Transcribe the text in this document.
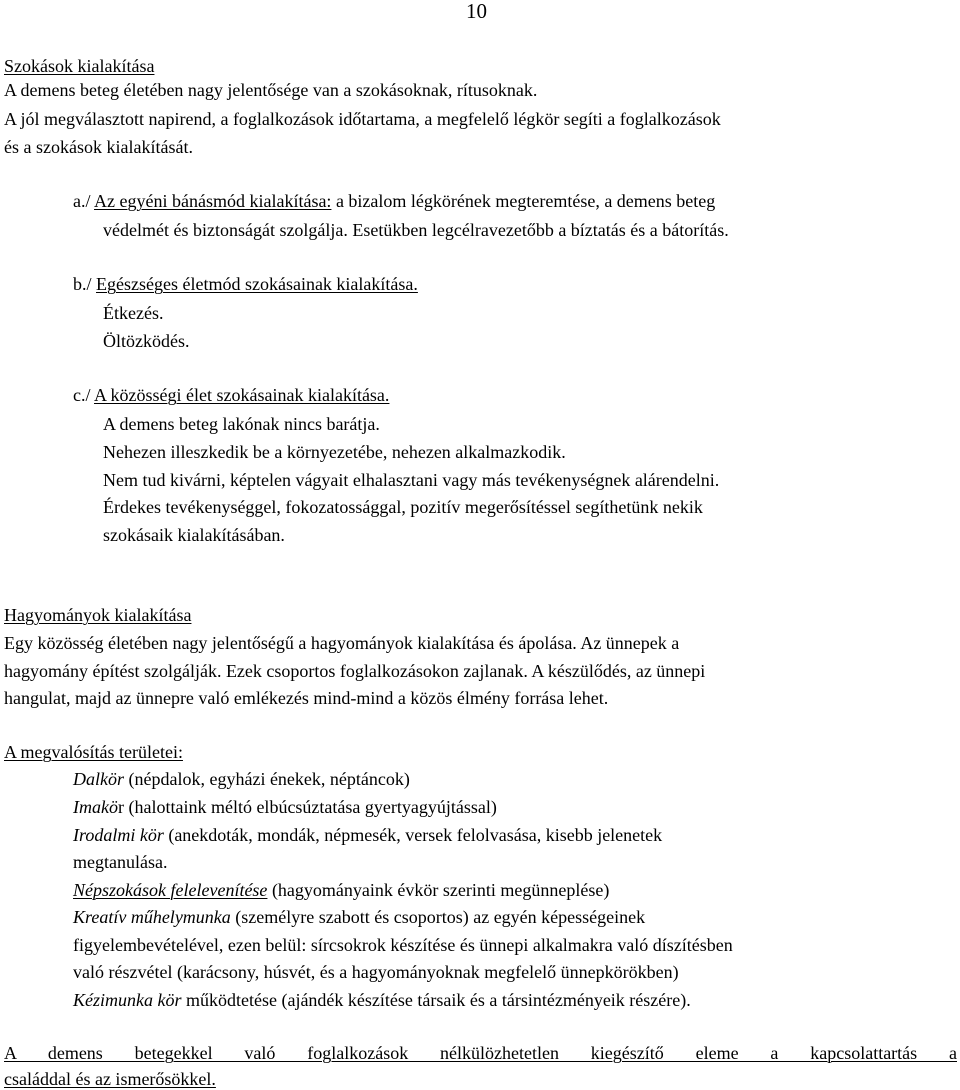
10
Szokások kialakítása
A demens beteg életében nagy jelentősége van a szokásoknak, rítusoknak.
A jól megválasztott napirend, a foglalkozások időtartama, a megfelelő légkör segíti a foglalkozások
és a szokások kialakítását.
a./ Az egyéni bánásmód kialakítása: a bizalom légkörének megteremtése, a demens beteg
védelmét és biztonságát szolgálja. Esetükben legcélravezetőbb a bíztatás és a bátorítás.
b./ Egészséges életmód szokásainak kialakítása.
Étkezés.
Öltözködés.
c./ A közösségi élet szokásainak kialakítása.
A demens beteg lakónak nincs barátja.
Nehezen illeszkedik be a környezetébe, nehezen alkalmazkodik.
Nem tud kivárni, képtelen vágyait elhalasztani vagy más tevékenységnek alárendelni.
Érdekes tevékenységgel, fokozatossággal, pozitív megerősítéssel segíthetünk nekik
szokásaik kialakításában.
Hagyományok kialakítása
Egy közösség életében nagy jelentőségű a hagyományok kialakítása és ápolása. Az ünnepek a
hagyomány építést szolgálják. Ezek csoportos foglalkozásokon zajlanak. A készülődés, az ünnepi
hangulat, majd az ünnepre való emlékezés mind-mind a közös élmény forrása lehet.
A megvalósítás területei:
Dalkör (népdalok, egyházi énekek, néptáncok)
Imakör (halottaink méltó elbúcsúztatása gyertyagyújtással)
Irodalmi kör (anekdoták, mondák, népmesék, versek felolvasása, kisebb jelenetek
megtanulása.
Népszokások felelevenítése (hagyományaink évkör szerinti megünneplése)
Kreatív műhelymunka (személyre szabott és csoportos) az egyén képességeinek
figyelembevételével, ezen belül: sírcsokrok készítése és ünnepi alkalmakra való díszítésben
való részvétel (karácsony, húsvét, és a hagyományoknak megfelelő ünnepkörökben)
Kézimunka kör működtetése (ajándék készítése társaik és a társintézményeik részére).
A demens betegekkel való foglalkozások nélkülözhetetlen kiegészítő eleme a kapcsolattartás a
családdal és az ismerősökkel.
